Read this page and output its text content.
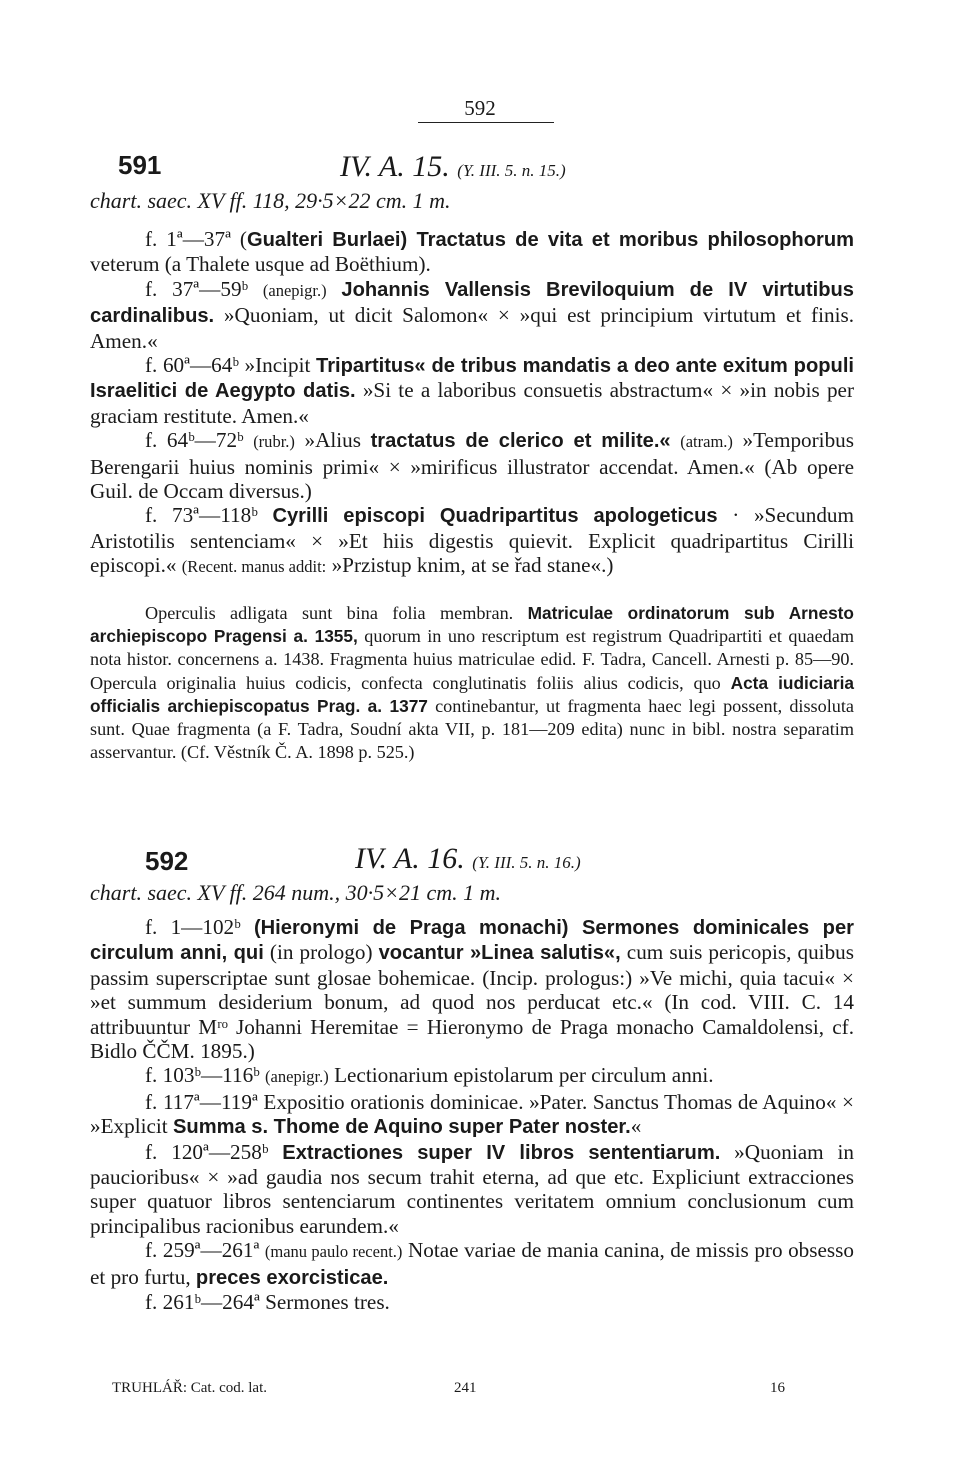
592
591	IV. A. 15. (Y. III. 5. n. 15.)
chart. saec. XV ff. 118, 29·5×22 cm. 1 m.

f. 1ª—37ª (Gualteri Burlaei) Tractatus de vita et moribus philosophorum veterum (a Thalete usque ad Boëthium).

f. 37ª—59ᵇ (anepigr.) Johannis Vallensis Breviloquium de IV virtutibus cardinalibus. »Quoniam, ut dicit Salomon« × »qui est principium virtutum et finis. Amen.«

f. 60ª—64ᵇ »Incipit Tripartitus« de tribus mandatis a deo ante exitum populi Israelitici de Aegypto datis. »Si te a laboribus consuetis abstractum« × »in nobis per graciam restitute. Amen.«

f. 64ᵇ—72ᵇ (rubr.) »Alius tractatus de clerico et milite.« (atram.) »Temporibus Berengarii huius nominis primi« × »mirificus illustrator accendat. Amen.« (Ab opere Guil. de Occam diversus.)

f. 73ª—118ᵇ Cyrilli episcopi Quadripartitus apologeticus · »Secundum Aristotilis sentenciam« × »Et hiis digestis quievit. Explicit quadripartitus Cirilli episcopi.« (Recent. manus addit: »Przistup knim, at se řad stane«.)

Operculis adligata sunt bina folia membran. Matriculae ordinatorum sub Arnesto archiepiscopo Pragensi a. 1355, quorum in uno rescriptum est registrum Quadripartiti et quaedam nota histor. concernens a. 1438. Fragmenta huius matriculae edid. F. Tadra, Cancell. Arnesti p. 85—90. Opercula originalia huius codicis, confecta conglutinatis foliis alius codicis, quo Acta iudiciaria officialis archiepiscopatus Prag. a. 1377 continebantur, ut fragmenta haec legi possent, dissoluta sunt. Quae fragmenta (a F. Tadra, Soudní akta VII, p. 181—209 edita) nunc in bibl. nostra separatim asservantur. (Cf. Věstník Č. A. 1898 p. 525.)

592	IV. A. 16. (Y. III. 5. n. 16.)
chart. saec. XV ff. 264 num., 30·5×21 cm. 1 m.

f. 1—102ᵇ (Hieronymi de Praga monachi) Sermones dominicales per circulum anni, qui (in prologo) vocantur »Linea salutis«, cum suis pericopis, quibus passim superscriptae sunt glosae bohemicae. (Incip. prologus:) »Ve michi, quia tacui« × »et summum desiderium bonum, ad quod nos perducat etc.« (In cod. VIII. C. 14 attribuuntur Mʳᵒ Johanni Heremitae = Hieronymo de Praga monacho Camaldolensi, cf. Bidlo ČČM. 1895.)

f. 103ᵇ—116ᵇ (anepigr.) Lectionarium epistolarum per circulum anni.

f. 117ª—119ª Expositio orationis dominicae. »Pater. Sanctus Thomas de Aquino« × »Explicit Summa s. Thome de Aquino super Pater noster.«

f. 120ª—258ᵇ Extractiones super IV libros sententiarum. »Quoniam in paucioribus« × »ad gaudia nos secum trahit eterna, ad que etc. Expliciunt extracciones super quatuor libros sentenciarum continentes veritatem omnium conclusionum cum principalibus racionibus earundem.«

f. 259ª—261ª (manu paulo recent.) Notae variae de mania canina, de missis pro obsesso et pro furtu, preces exorcisticae.

f. 261ᵇ—264ª Sermones tres.

TRUHLÁŘ: Cat. cod. lat.	241	16
